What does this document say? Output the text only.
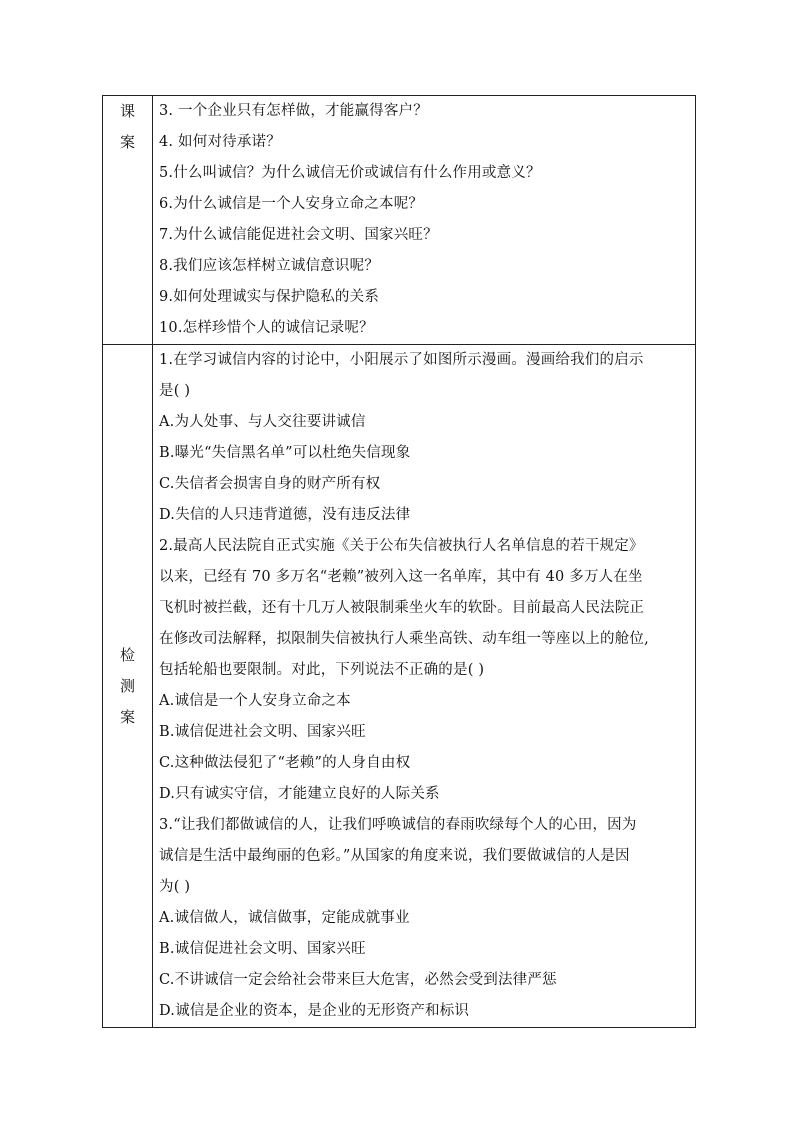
课
案
3. 一个企业只有怎样做，才能赢得客户？
4. 如何对待承诺？
5.什么叫诚信？为什么诚信无价或诚信有什么作用或意义？
6.为什么诚信是一个人安身立命之本呢？
7.为什么诚信能促进社会文明、国家兴旺？
8.我们应该怎样树立诚信意识呢？
9.如何处理诚实与保护隐私的关系
10.怎样珍惜个人的诚信记录呢？
检
测
案
1.在学习诚信内容的讨论中，小阳展示了如图所示漫画。漫画给我们的启示
是( )
A.为人处事、与人交往要讲诚信
B.曝光“失信黑名单”可以杜绝失信现象
C.失信者会损害自身的财产所有权
D.失信的人只违背道德，没有违反法律
2.最高人民法院自正式实施《关于公布失信被执行人名单信息的若干规定》
以来，已经有 70 多万名“老赖”被列入这一名单库，其中有 40 多万人在坐
飞机时被拦截，还有十几万人被限制乘坐火车的软卧。目前最高人民法院正
在修改司法解释，拟限制失信被执行人乘坐高铁、动车组一等座以上的舱位,
包括轮船也要限制。对此，下列说法不正确的是( )
A.诚信是一个人安身立命之本
B.诚信促进社会文明、国家兴旺
C.这种做法侵犯了“老赖”的人身自由权
D.只有诚实守信，才能建立良好的人际关系
3.“让我们都做诚信的人，让我们呼唤诚信的春雨吹绿每个人的心田，因为
诚信是生活中最绚丽的色彩。”从国家的角度来说，我们要做诚信的人是因
为( )
A.诚信做人，诚信做事，定能成就事业
B.诚信促进社会文明、国家兴旺
C.不讲诚信一定会给社会带来巨大危害，必然会受到法律严惩
D.诚信是企业的资本，是企业的无形资产和标识
